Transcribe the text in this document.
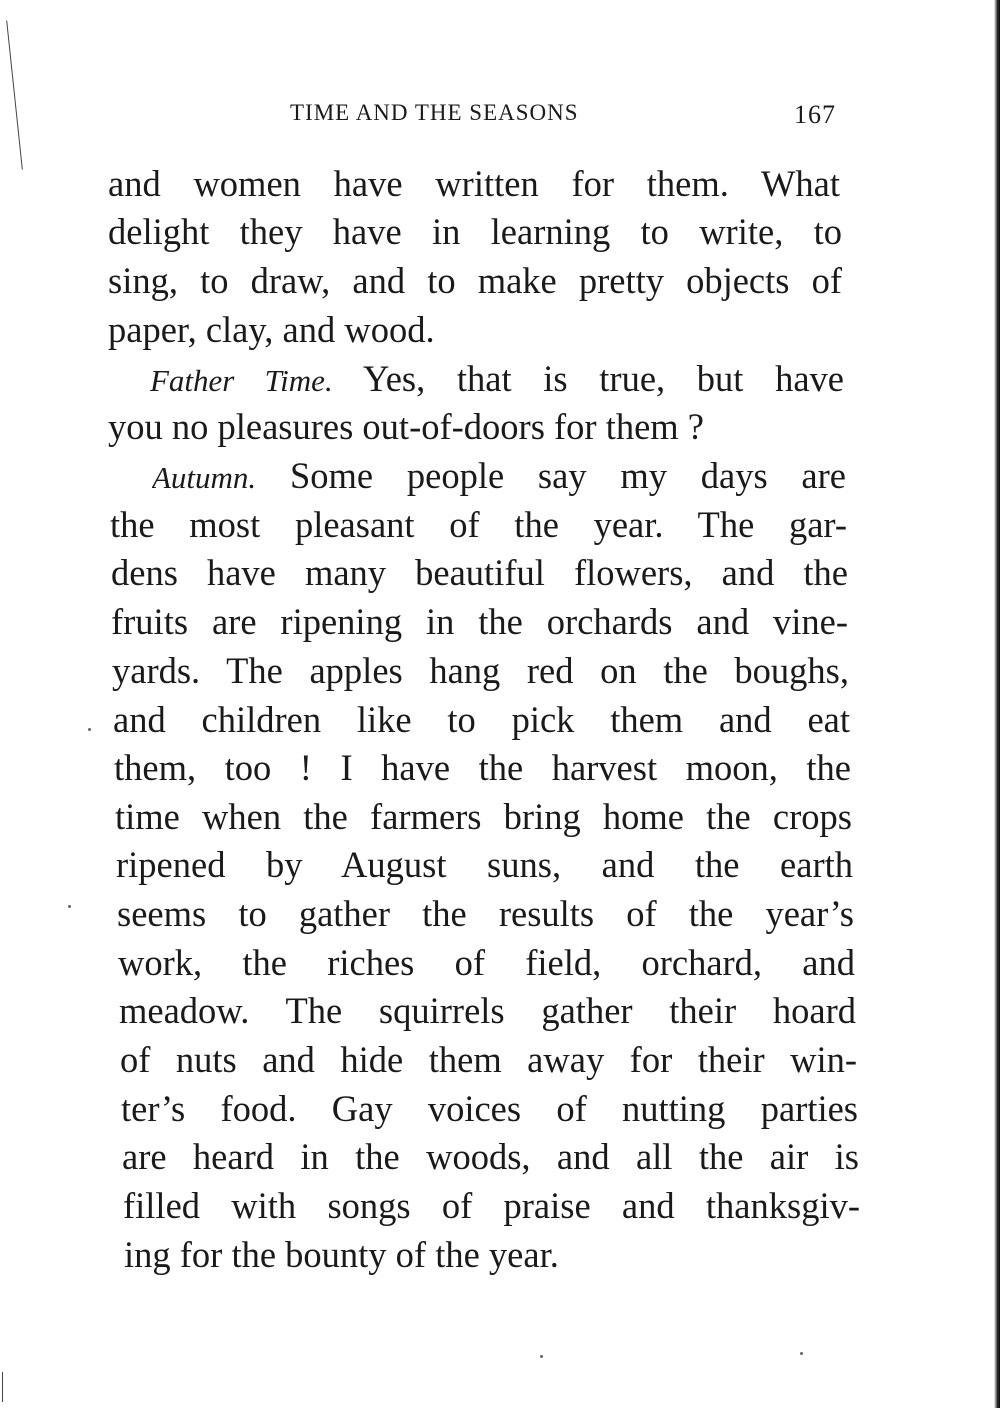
TIME AND THE SEASONS	167
and women have written for them. What
delight they have in learning to write, to
sing, to draw, and to make pretty objects of
paper, clay, and wood.
Father Time. Yes, that is true, but have
you no pleasures out-of-doors for them ?
Autumn. Some people say my days are
the most pleasant of the year. The gar-
dens have many beautiful flowers, and the
fruits are ripening in the orchards and vine-
yards. The apples hang red on the boughs,
and children like to pick them and eat
them, too ! I have the harvest moon, the
time when the farmers bring home the crops
ripened by August suns, and the earth
seems to gather the results of the year’s
work, the riches of field, orchard, and
meadow. The squirrels gather their hoard
of nuts and hide them away for their win-
ter’s food. Gay voices of nutting parties
are heard in the woods, and all the air is
filled with songs of praise and thanksgiv-
ing for the bounty of the year.
